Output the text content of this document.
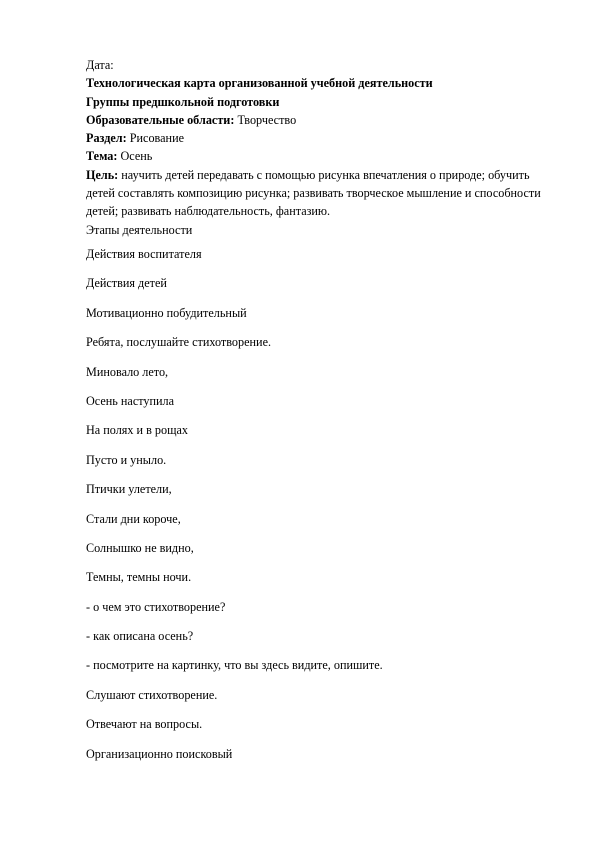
Дата:
Технологическая карта организованной учебной деятельности
Группы предшкольной подготовки
Образовательные области: Творчество
Раздел: Рисование
Тема: Осень
Цель: научить детей передавать с помощью рисунка впечатления о природе; обучить детей составлять композицию рисунка; развивать творческое мышление и способности детей; развивать наблюдательность, фантазию.
Этапы деятельности
Действия воспитателя
Действия детей
Мотивационно побудительный
Ребята, послушайте стихотворение.
Миновало лето,
Осень наступила
На полях и в рощах
Пусто и уныло.
Птички улетели,
Стали дни короче,
Солнышко не видно,
Темны, темны ночи.
- о чем это стихотворение?
- как описана осень?
- посмотрите на картинку, что вы здесь видите, опишите.
Слушают стихотворение.
Отвечают на вопросы.
Организационно поисковый
